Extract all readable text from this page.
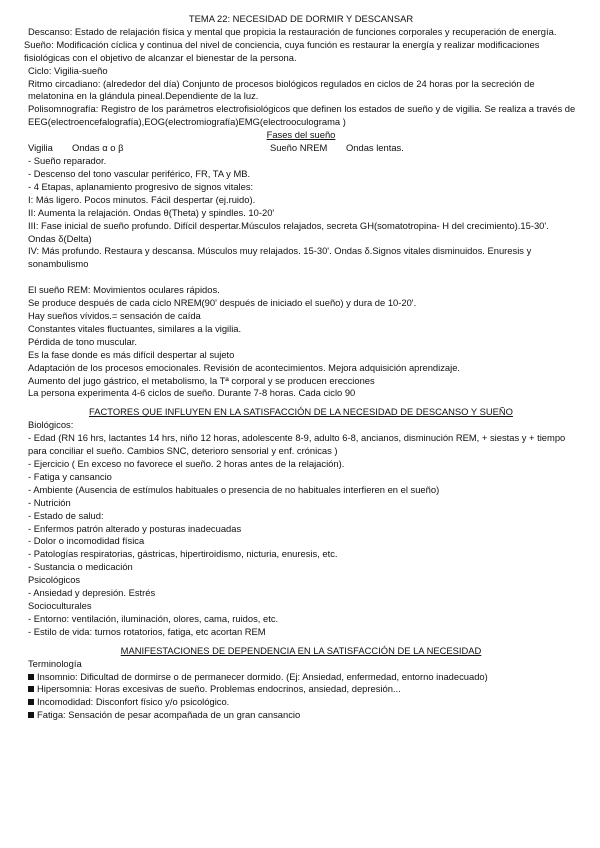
TEMA 22: NECESIDAD DE DORMIR Y DESCANSAR
Descanso: Estado de relajación física y mental que propicia la restauración de funciones corporales y recuperación de energía.
Sueño: Modificación cíclica y continua del nivel de conciencia, cuya función es restaurar la energía y realizar modificaciones fisiológicas con el objetivo de alcanzar el bienestar de la persona.
Ciclo: Vigilia-sueño
Ritmo circadiano: (alrededor del día) Conjunto de procesos biológicos regulados en ciclos de 24 horas por la secreción de melatonina en la glándula pineal.Dependiente de la luz.
Polisomnografía: Registro de los parámetros electrofisiológicos que definen los estados de sueño y de vigilia. Se realiza a través de EEG(electroencefalografía),EOG(electromiografía)EMG(electrooculograma )
Fases del sueño
Vigilia Ondas α o β	Sueño NREM Ondas lentas.
- Sueño reparador.
- Descenso del tono vascular periférico, FR, TA y MB.
- 4 Etapas, aplanamiento progresivo de signos vitales:
I: Más ligero. Pocos minutos. Fácil despertar (ej.ruido).
II: Aumenta la relajación. Ondas θ(Theta) y spindles. 10-20'
III: Fase inicial de sueño profundo. Difícil despertar.Músculos relajados, secreta GH(somatotropina- H del crecimiento).15-30'. Ondas δ(Delta)
IV: Más profundo. Restaura y descansa. Músculos muy relajados. 15-30'. Ondas δ.Signos vitales disminuidos. Enuresis y sonambulismo
El sueño REM: Movimientos oculares rápidos.
Se produce después de cada ciclo NREM(90' después de iniciado el sueño) y dura de 10-20'.
Hay sueños vívidos.= sensación de caída
Constantes vitales fluctuantes, similares a la vigilia.
Pérdida de tono muscular.
Es la fase donde es más difícil despertar al sujeto
Adaptación de los procesos emocionales. Revisión de acontecimientos. Mejora adquisición aprendizaje.
Aumento del jugo gástrico, el metabolismo, la Tª corporal y se producen erecciones
La persona experimenta 4-6 ciclos de sueño. Durante 7-8 horas. Cada ciclo 90
FACTORES QUE INFLUYEN EN LA SATISFACCIÓN DE LA NECESIDAD DE DESCANSO Y SUEÑO
Biológicos:
- Edad (RN 16 hrs, lactantes 14 hrs, niño 12 horas, adolescente 8-9, adulto 6-8, ancianos, disminución REM, + siestas y + tiempo para conciliar el sueño. Cambios SNC, deterioro sensorial y enf. crónicas )
- Ejercicio ( En exceso no favorece el sueño. 2 horas antes de la relajación).
- Fatiga y cansancio
- Ambiente (Ausencia de estímulos habituales o presencia de no habituales interfieren en el sueño)
- Nutrición
- Estado de salud:
- Enfermos patrón alterado y posturas inadecuadas
- Dolor o incomodidad física
- Patologías respiratorias, gástricas, hipertiroidismo, nicturia, enuresis, etc.
- Sustancia o medicación
Psicológicos
- Ansiedad y depresión. Estrés
Socioculturales
- Entorno: ventilación, iluminación, olores, cama, ruidos, etc.
- Estilo de vida: turnos rotatorios, fatiga, etc acortan REM
MANIFESTACIONES DE DEPENDENCIA EN LA SATISFACCIÓN DE LA NECESIDAD
Terminología
Insomnio: Dificultad de dormirse o de permanecer dormido. (Ej: Ansiedad, enfermedad, entorno inadecuado)
Hipersomnia: Horas excesivas de sueño. Problemas endocrinos, ansiedad, depresión...
Incomodidad: Disconfort físico y/o psicológico.
Fatiga: Sensación de pesar acompañada de un gran cansancio
